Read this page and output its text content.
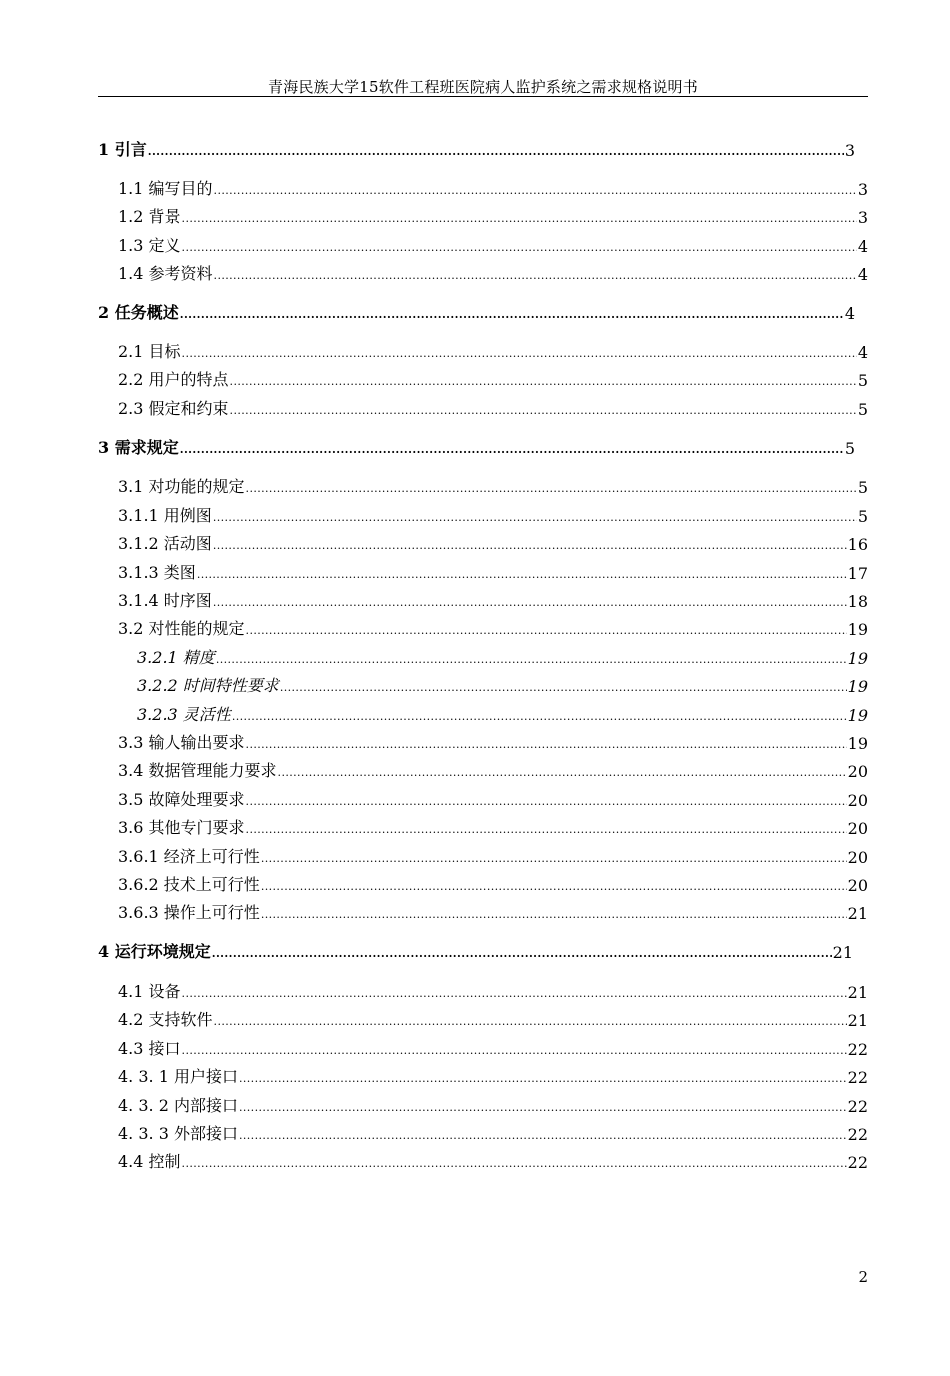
青海民族大学15软件工程班医院病人监护系统之需求规格说明书
1 引言 .....	3
1.1 编写目的 .....	3
1.2 背景 .....	3
1.3 定义 .....	4
1.4 参考资料 .....	4
2 任务概述 .....	4
2.1 目标 .....	4
2.2 用户的特点 .....	5
2.3 假定和约束 .....	5
3 需求规定 .....	5
3.1 对功能的规定 .....	5
3.1.1 用例图 .....	5
3.1.2 活动图 .....	16
3.1.3 类图 .....	17
3.1.4 时序图 .....	18
3.2 对性能的规定 .....	19
3.2.1 精度 .....	19
3.2.2 时间特性要求 .....	19
3.2.3 灵活性 .....	19
3.3 输人输出要求 .....	19
3.4 数据管理能力要求 .....	20
3.5 故障处理要求 .....	20
3.6 其他专门要求 .....	20
3.6.1 经济上可行性 .....	20
3.6.2 技术上可行性 .....	20
3.6.3 操作上可行性 .....	21
4 运行环境规定 .....	21
4.1 设备 .....	21
4.2 支持软件 .....	21
4.3 接口 .....	22
4. 3. 1 用户接口 .....	22
4. 3. 2 内部接口 .....	22
4. 3. 3 外部接口 .....	22
4.4 控制 .....	22
2
